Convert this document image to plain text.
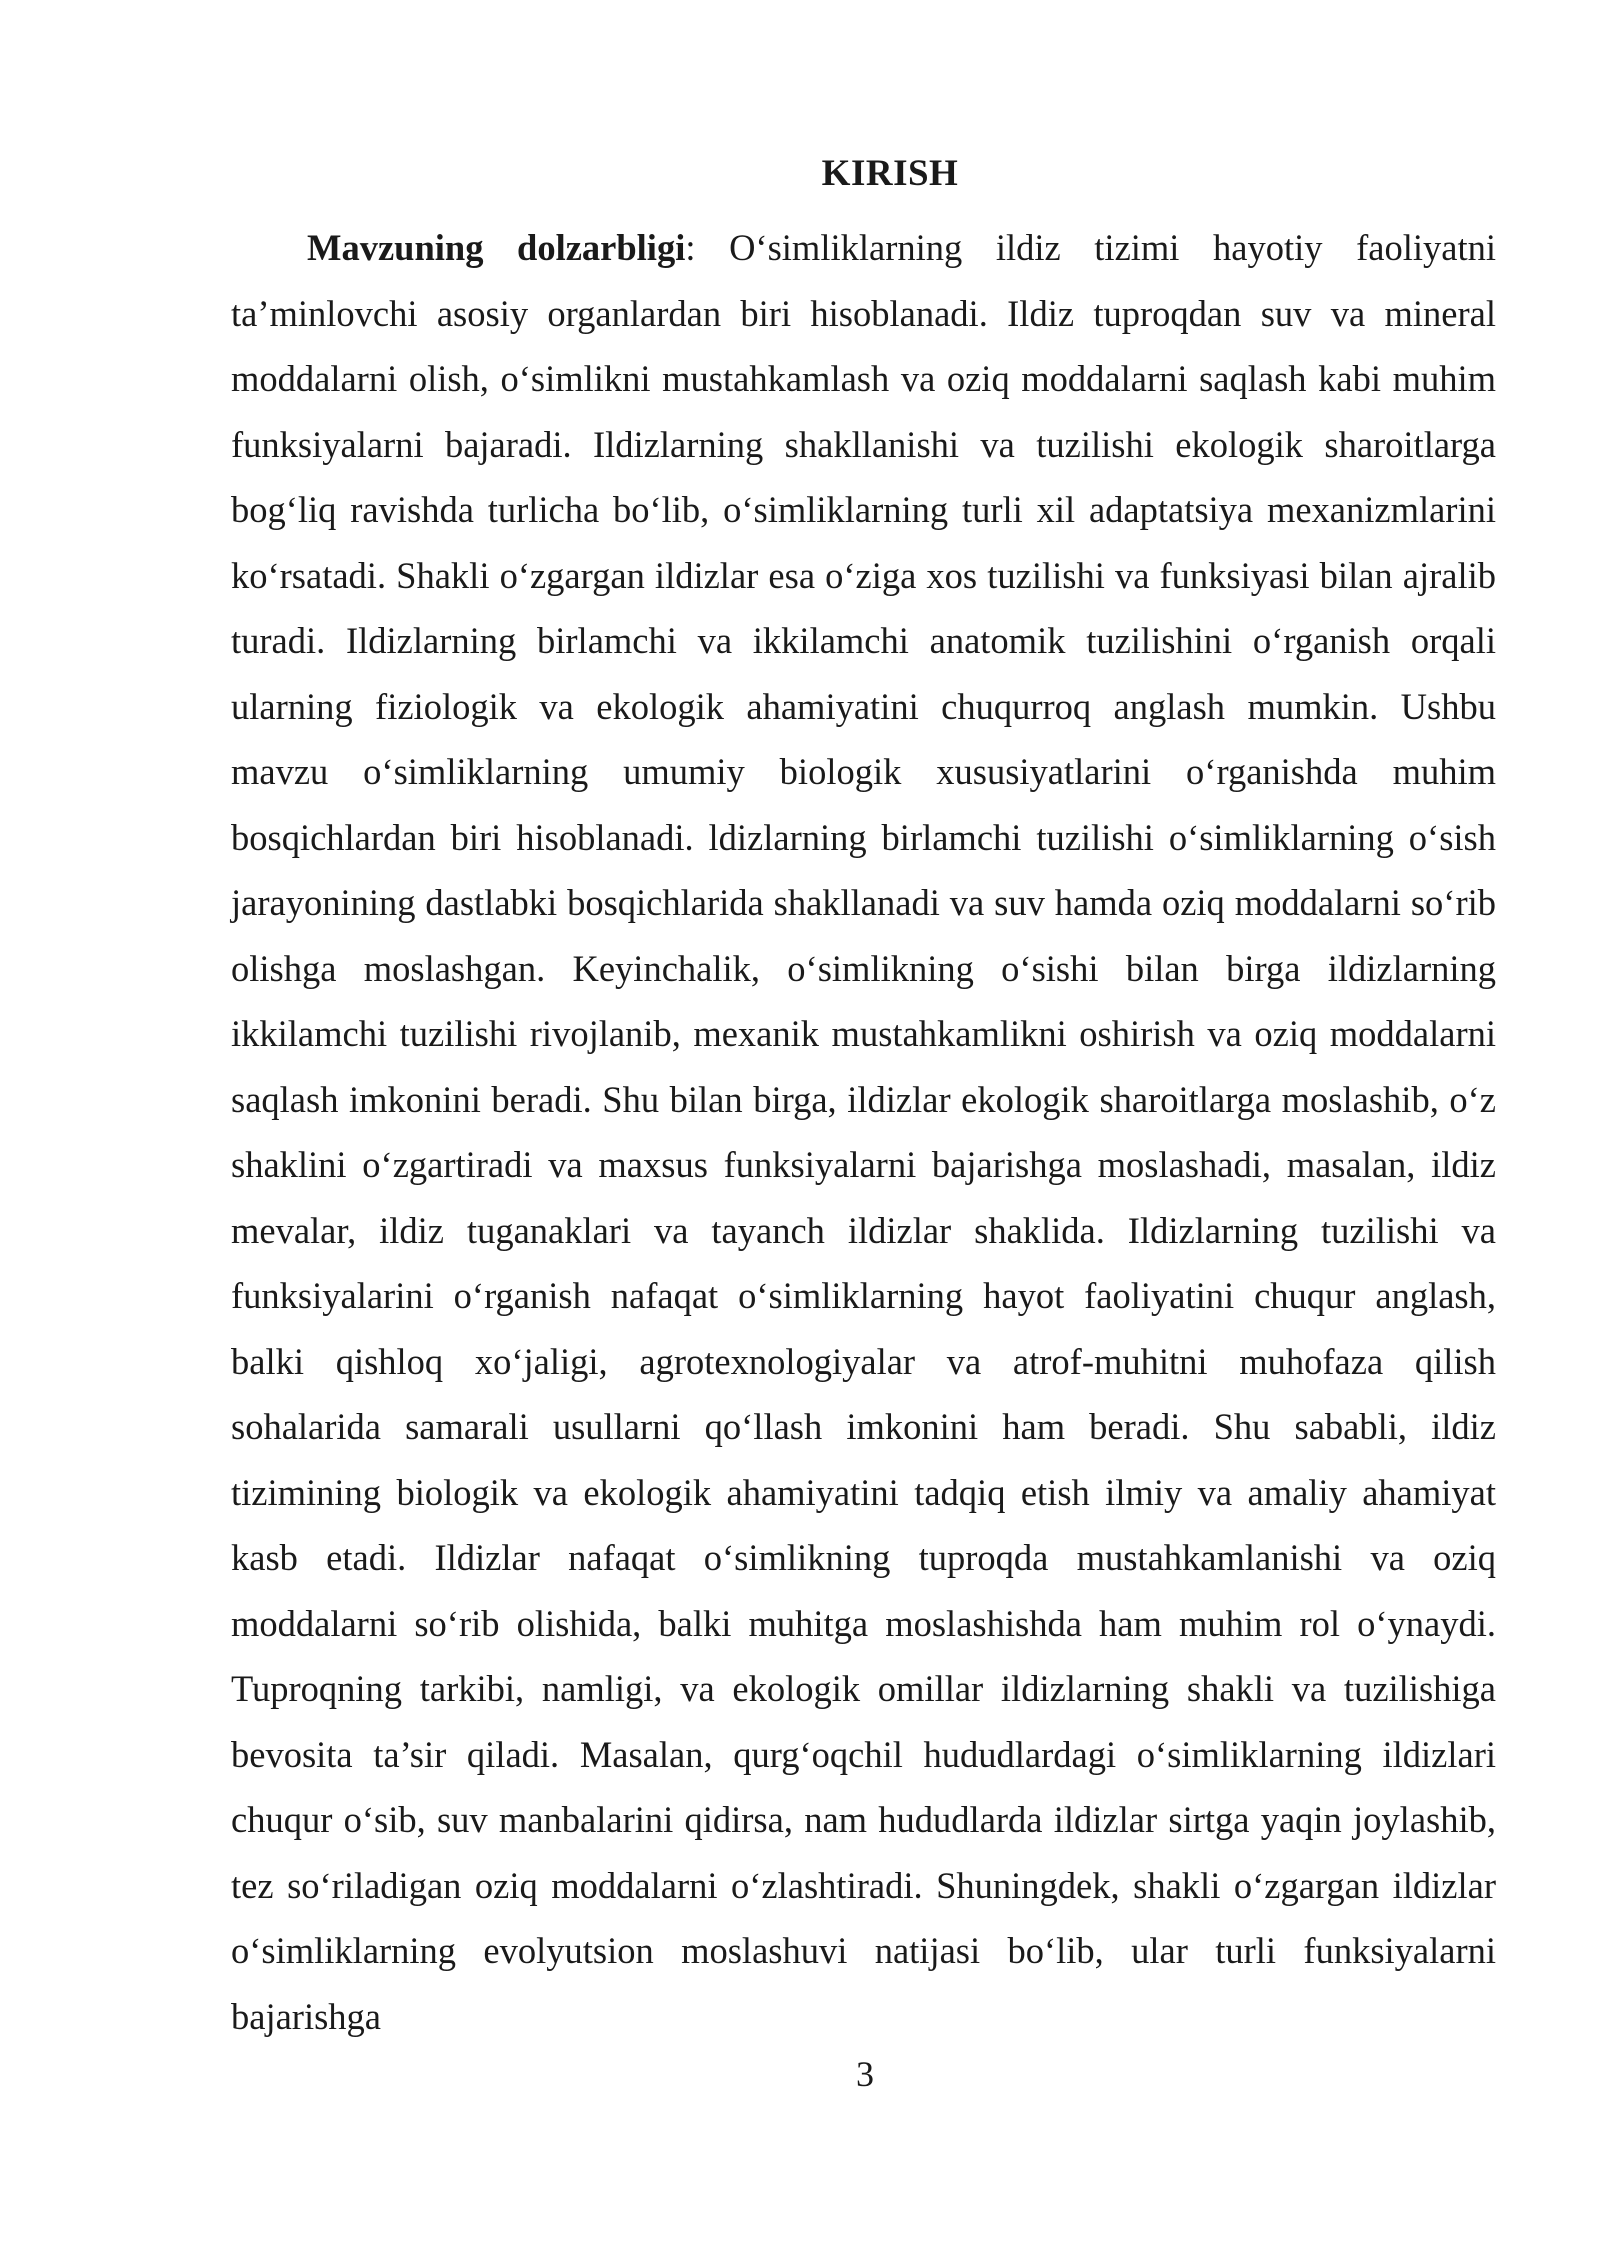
KIRISH

Mavzuning dolzarbligi: O‘simliklarning ildiz tizimi hayotiy faoliyatni ta’minlovchi asosiy organlardan biri hisoblanadi. Ildiz tuproqdan suv va mineral moddalarni olish, o‘simlikni mustahkamlash va oziq moddalarni saqlash kabi muhim funksiyalarni bajaradi. Ildizlarning shakllanishi va tuzilishi ekologik sharoitlarga bog‘liq ravishda turlicha bo‘lib, o‘simliklarning turli xil adaptatsiya mexanizmlarini ko‘rsatadi. Shakli o‘zgargan ildizlar esa o‘ziga xos tuzilishi va funksiyasi bilan ajralib turadi. Ildizlarning birlamchi va ikkilamchi anatomik tuzilishini o‘rganish orqali ularning fiziologik va ekologik ahamiyatini chuqurroq anglash mumkin. Ushbu mavzu o‘simliklarning umumiy biologik xususiyatlarini o‘rganishda muhim bosqichlardan biri hisoblanadi. ldizlarning birlamchi tuzilishi o‘simliklarning o‘sish jarayonining dastlabki bosqichlarida shakllanadi va suv hamda oziq moddalarni so‘rib olishga moslashgan. Keyinchalik, o‘simlikning o‘sishi bilan birga ildizlarning ikkilamchi tuzilishi rivojlanib, mexanik mustahkamlikni oshirish va oziq moddalarni saqlash imkonini beradi. Shu bilan birga, ildizlar ekologik sharoitlarga moslashib, o‘z shaklini o‘zgartiradi va maxsus funksiyalarni bajarishga moslashadi, masalan, ildiz mevalar, ildiz tuganaklari va tayanch ildizlar shaklida. Ildizlarning tuzilishi va funksiyalarini o‘rganish nafaqat o‘simliklarning hayot faoliyatini chuqur anglash, balki qishloq xo‘jaligi, agrotexnologiyalar va atrof-muhitni muhofaza qilish sohalarida samarali usullarni qo‘llash imkonini ham beradi. Shu sababli, ildiz tizimining biologik va ekologik ahamiyatini tadqiq etish ilmiy va amaliy ahamiyat kasb etadi. Ildizlar nafaqat o‘simlikning tuproqda mustahkamlanishi va oziq moddalarni so‘rib olishida, balki muhitga moslashishda ham muhim rol o‘ynaydi. Tuproqning tarkibi, namligi, va ekologik omillar ildizlarning shakli va tuzilishiga bevosita ta’sir qiladi. Masalan, qurg‘oqchil hududlardagi o‘simliklarning ildizlari chuqur o‘sib, suv manbalarini qidirsa, nam hududlarda ildizlar sirtga yaqin joylashib, tez so‘riladigan oziq moddalarni o‘zlashtiradi. Shuningdek, shakli o‘zgargan ildizlar o‘simliklarning evolyutsion moslashuvi natijasi bo‘lib, ular turli funksiyalarni bajarishga

3
